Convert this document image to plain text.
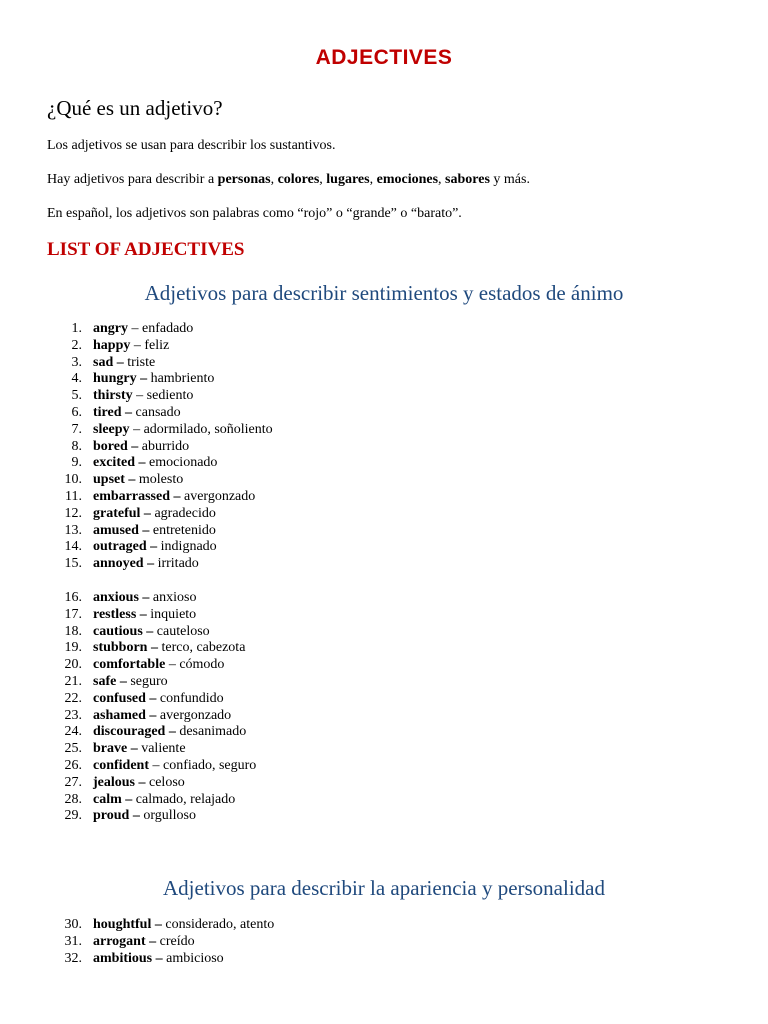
ADJECTIVES
¿Qué es un adjetivo?
Los adjetivos se usan para describir los sustantivos.
Hay adjetivos para describir a personas, colores, lugares, emociones, sabores y más.
En español, los adjetivos son palabras como “rojo” o “grande” o “barato”.
LIST OF ADJECTIVES
Adjetivos para describir sentimientos y estados de ánimo
1. angry – enfadado
2. happy – feliz
3. sad – triste
4. hungry – hambriento
5. thirsty – sediento
6. tired – cansado
7. sleepy – adormilado, soñoliento
8. bored – aburrido
9. excited – emocionado
10. upset – molesto
11. embarrassed – avergonzado
12. grateful – agradecido
13. amused – entretenido
14. outraged – indignado
15. annoyed – irritado
16. anxious – anxioso
17. restless – inquieto
18. cautious – cauteloso
19. stubborn – terco, cabezota
20. comfortable – cómodo
21. safe – seguro
22. confused – confundido
23. ashamed – avergonzado
24. discouraged – desanimado
25. brave – valiente
26. confident – confiado, seguro
27. jealous – celoso
28. calm – calmado, relajado
29. proud – orgulloso
Adjetivos para describir la apariencia y personalidad
30. houghtful – considerado, atento
31. arrogant – creído
32. ambitious – ambicioso
